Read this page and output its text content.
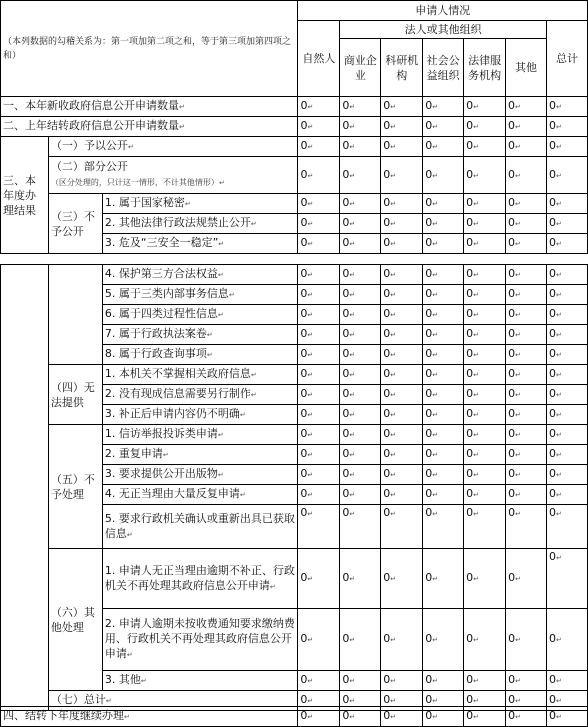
（本列数据的勾稽关系为：第一项加第二项之和，等于第三项加第四项之和）			申请人情况						
			自然人	法人或其他组织					总计
				商业企业	科研机构	社会公益组织	法律服务机构	其他	
一、本年新收政府信息公开申请数量↵			0↵	0↵	0↵	0↵	0↵	0↵	0↵
二、上年结转政府信息公开申请数量↵			0↵	0↵	0↵	0↵	0↵	0↵	0↵
三、本年度办理结果	（一）予以公开↵		0↵	0↵	0↵	0↵	0↵	0↵	0↵
	（二）部分公开（区分处理的，只计这一情形，不计其他情形）↵		0↵	0↵	0↵	0↵	0↵	0↵	0↵
	（三）不予公开	1. 属于国家秘密↵	0↵	0↵	0↵	0↵	0↵	0↵	0↵
		2. 其他法律行政法规禁止公开↵	0↵	0↵	0↵	0↵	0↵	0↵	0↵
		3. 危及“三安全一稳定”↵	0↵	0↵	0↵	0↵	0↵	0↵	0↵
		4. 保护第三方合法权益↵	0↵	0↵	0↵	0↵	0↵	0↵	0↵
		5. 属于三类内部事务信息↵	0↵	0↵	0↵	0↵	0↵	0↵	0↵
		6. 属于四类过程性信息↵	0↵	0↵	0↵	0↵	0↵	0↵	0↵
		7. 属于行政执法案卷↵	0↵	0↵	0↵	0↵	0↵	0↵	0↵
		8. 属于行政查询事项↵	0↵	0↵	0↵	0↵	0↵	0↵	0↵
	（四）无法提供	1. 本机关不掌握相关政府信息↵	0↵	0↵	0↵	0↵	0↵	0↵	0↵
		2. 没有现成信息需要另行制作↵	0↵	0↵	0↵	0↵	0↵	0↵	0↵
		3. 补正后申请内容仍不明确↵	0↵	0↵	0↵	0↵	0↵	0↵	0↵
	（五）不予处理	1. 信访举报投诉类申请↵	0↵	0↵	0↵	0↵	0↵	0↵	0↵
		2. 重复申请↵	0↵	0↵	0↵	0↵	0↵	0↵	0↵
		3. 要求提供公开出版物↵	0↵	0↵	0↵	0↵	0↵	0↵	0↵
		4. 无正当理由大量反复申请↵	0↵	0↵	0↵	0↵	0↵	0↵	0↵
		5. 要求行政机关确认或重新出具已获取信息↵	0↵	0↵	0↵	0↵	0↵	0↵	0↵
	（六）其他处理	1. 申请人无正当理由逾期不补正、行政机关不再处理其政府信息公开申请↵	0↵	0↵	0↵	0↵	0↵	0↵	0↵
		2. 申请人逾期未按收费通知要求缴纳费用、行政机关不再处理其政府信息公开申请↵	0↵	0↵	0↵	0↵	0↵	0↵	0↵
		3. 其他↵	0↵	0↵	0↵	0↵	0↵	0↵	0↵
	（七）总计↵		0↵	0↵	0↵	0↵	0↵	0↵	0↵
四、结转下年度继续办理↵	0↵	0↵	0↵	0↵	0↵	0↵	0↵
